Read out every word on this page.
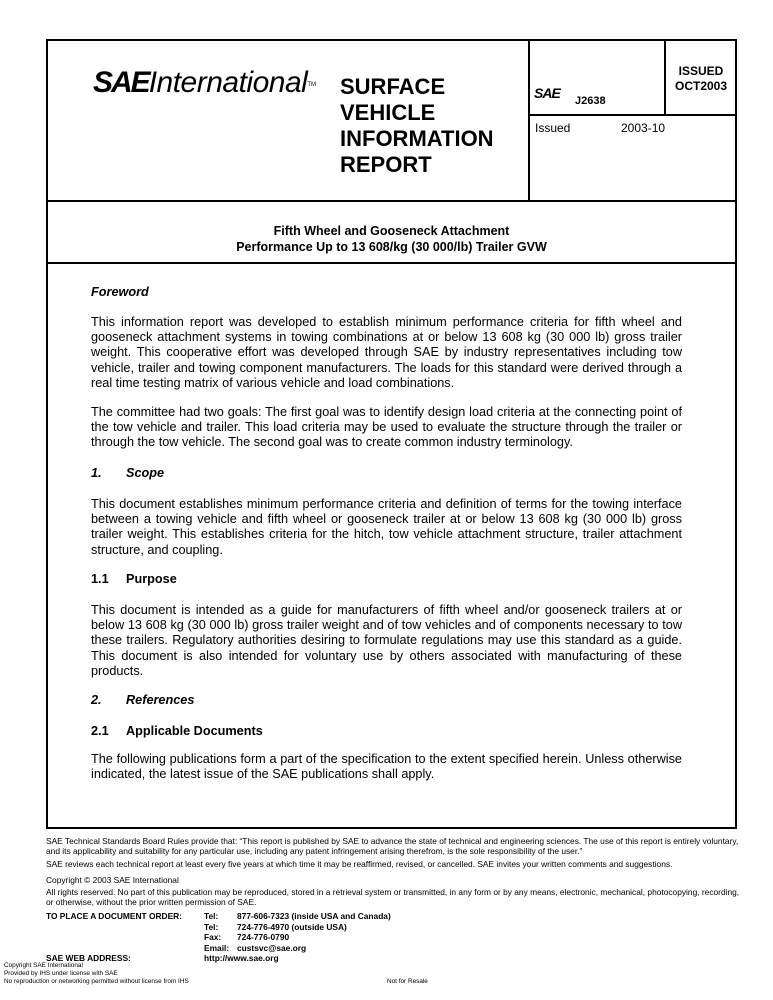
SAEInternational™ SURFACE
VEHICLE
INFORMATION
REPORT
SAE J2638
Issued	2003-10
ISSUED
OCT2003
Fifth Wheel and Gooseneck Attachment
Performance Up to 13 608/kg (30 000/lb) Trailer GVW
Foreword
This information report was developed to establish minimum performance criteria for fifth wheel and gooseneck attachment systems in towing combinations at or below 13 608 kg (30 000 lb) gross trailer weight. This cooperative effort was developed through SAE by industry representatives including tow vehicle, trailer and towing component manufacturers. The loads for this standard were derived through a real time testing matrix of various vehicle and load combinations.
The committee had two goals: The first goal was to identify design load criteria at the connecting point of the tow vehicle and trailer. This load criteria may be used to evaluate the structure through the trailer or through the tow vehicle. The second goal was to create common industry terminology.
1. Scope
This document establishes minimum performance criteria and definition of terms for the towing interface between a towing vehicle and fifth wheel or gooseneck trailer at or below 13 608 kg (30 000 lb) gross trailer weight. This establishes criteria for the hitch, tow vehicle attachment structure, trailer attachment structure, and coupling.
1.1 Purpose
This document is intended as a guide for manufacturers of fifth wheel and/or gooseneck trailers at or below 13 608 kg (30 000 lb) gross trailer weight and of tow vehicles and of components necessary to tow these trailers. Regulatory authorities desiring to formulate regulations may use this standard as a guide. This document is also intended for voluntary use by others associated with manufacturing of these products.
2. References
2.1 Applicable Documents
The following publications form a part of the specification to the extent specified herein. Unless otherwise indicated, the latest issue of the SAE publications shall apply.
SAE Technical Standards Board Rules provide that: “This report is published by SAE to advance the state of technical and engineering sciences. The use of this report is entirely voluntary, and its applicability and suitability for any particular use, including any patent infringement arising therefrom, is the sole responsibility of the user.”
SAE reviews each technical report at least every five years at which time it may be reaffirmed, revised, or cancelled. SAE invites your written comments and suggestions.
Copyright © 2003 SAE International
All rights reserved. No part of this publication may be reproduced, stored in a retrieval system or transmitted, in any form or by any means, electronic, mechanical, photocopying, recording, or otherwise, without the prior written permission of SAE.
TO PLACE A DOCUMENT ORDER:
SAE WEB ADDRESS:
Tel: 877-606-7323 (inside USA and Canada)
Tel: 724-776-4970 (outside USA)
Fax: 724-776-0790
Email: custsvc@sae.org
http://www.sae.org
Copyright SAE International
Provided by IHS under license with SAE
No reproduction or networking permitted without license from IHS	Not for Resale
